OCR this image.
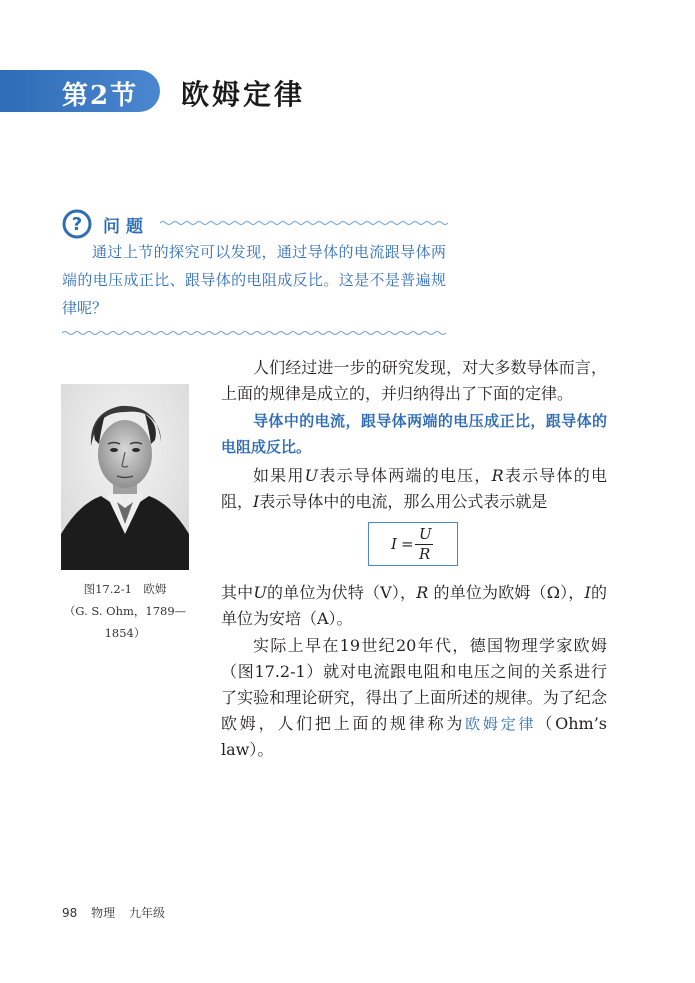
第2节 欧姆定律
? 问题

通过上节的探究可以发现，通过导体的电流跟导体两端的电压成正比、跟导体的电阻成反比。这是不是普遍规律呢？

图17.2-1　欧姆
（G. S. Ohm，1789—1854）

人们经过进一步的研究发现，对大多数导体而言，上面的规律是成立的，并归纳得出了下面的定律。

导体中的电流，跟导体两端的电压成正比，跟导体的电阻成反比。

如果用U表示导体两端的电压，R表示导体的电阻，I表示导体中的电流，那么用公式表示就是

I =
U
R

其中U的单位为伏特（V），R 的单位为欧姆（Ω），I的单位为安培（A）。

实际上早在19世纪20年代，德国物理学家欧姆（图17.2-1）就对电流跟电阻和电压之间的关系进行了实验和理论研究，得出了上面所述的规律。为了纪念欧姆，人们把上面的规律称为欧姆定律（Ohm’s law）。

98 物理 九年级
